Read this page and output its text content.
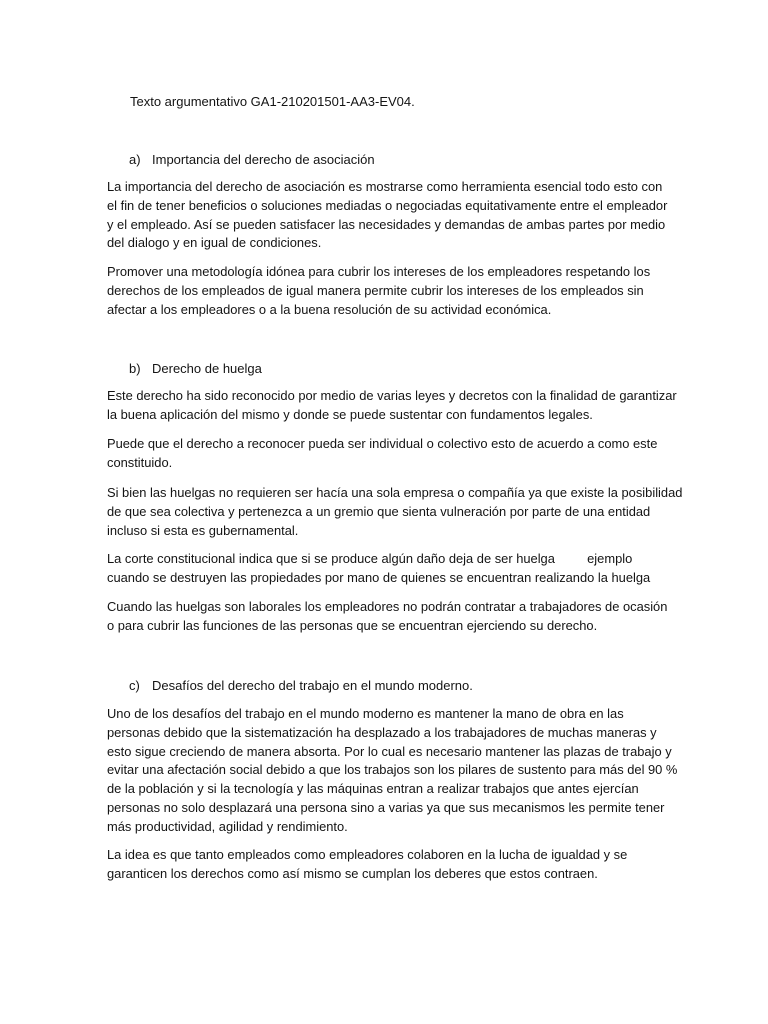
Texto argumentativo GA1-210201501-AA3-EV04.
a) Importancia del derecho de asociación

La importancia del derecho de asociación es mostrarse como herramienta esencial todo esto con
el fin de tener beneficios o soluciones mediadas o negociadas equitativamente entre el empleador
y el empleado. Así se pueden satisfacer las necesidades y demandas de ambas partes por medio
del dialogo y en igual de condiciones.

Promover una metodología idónea para cubrir los intereses de los empleadores respetando los
derechos de los empleados de igual manera permite cubrir los intereses de los empleados sin
afectar a los empleadores o a la buena resolución de su actividad económica.

b) Derecho de huelga

Este derecho ha sido reconocido por medio de varias leyes y decretos con la finalidad de garantizar
la buena aplicación del mismo y donde se puede sustentar con fundamentos legales.

Puede que el derecho a reconocer pueda ser individual o colectivo esto de acuerdo a como este
constituido.

Si bien las huelgas no requieren ser hacía una sola empresa o compañía ya que existe la posibilidad
de que sea colectiva y pertenezca a un gremio que sienta vulneración por parte de una entidad
incluso si esta es gubernamental.

La corte constitucional indica que si se produce algún daño deja de ser huelga         ejemplo
cuando se destruyen las propiedades por mano de quienes se encuentran realizando la huelga

Cuando las huelgas son laborales los empleadores no podrán contratar a trabajadores de ocasión
o para cubrir las funciones de las personas que se encuentran ejerciendo su derecho.

c) Desafíos del derecho del trabajo en el mundo moderno.

Uno de los desafíos del trabajo en el mundo moderno es mantener la mano de obra en las
personas debido que la sistematización ha desplazado a los trabajadores de muchas maneras y
esto sigue creciendo de manera absorta. Por lo cual es necesario mantener las plazas de trabajo y
evitar una afectación social debido a que los trabajos son los pilares de sustento para más del 90 %
de la población y si la tecnología y las máquinas entran a realizar trabajos que antes ejercían
personas no solo desplazará una persona sino a varias ya que sus mecanismos les permite tener
más productividad, agilidad y rendimiento.

La idea es que tanto empleados como empleadores colaboren en la lucha de igualdad y se
garanticen los derechos como así mismo se cumplan los deberes que estos contraen.
